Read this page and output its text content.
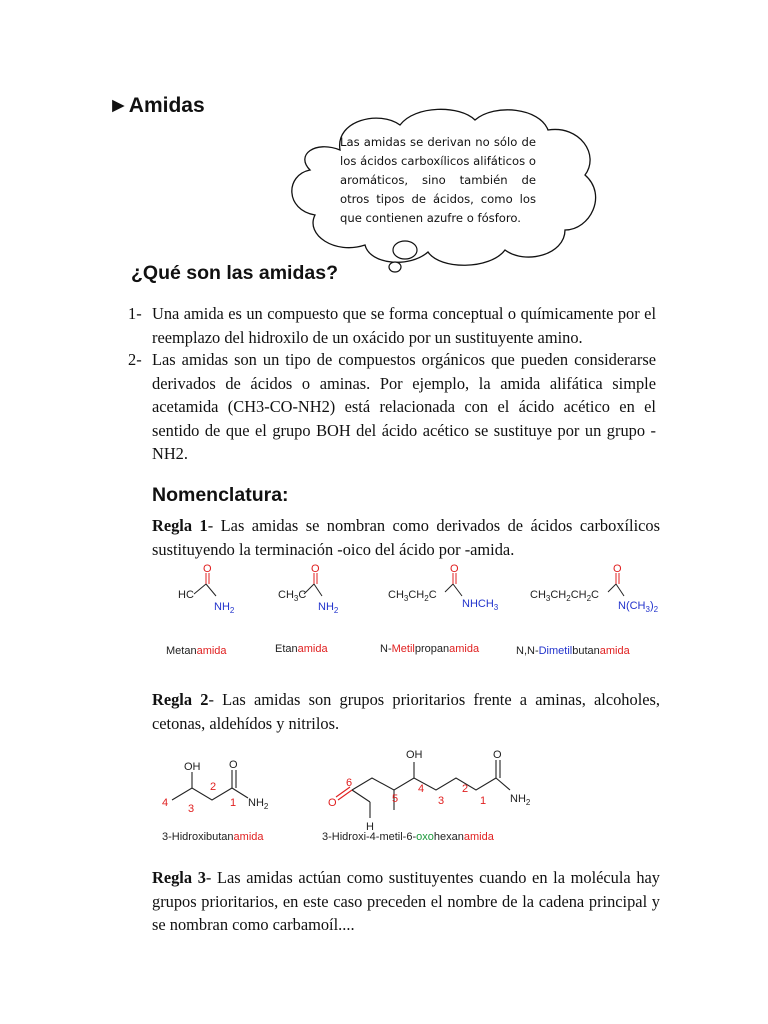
►Amidas
Las amidas se derivan no sólo de los ácidos carboxílicos alifáticos o aromáticos, sino también de otros tipos de ácidos, como los que contienen azufre o fósforo.
¿Qué son las amidas?
1- Una amida es un compuesto que se forma conceptual o químicamente por el reemplazo del hidroxilo de un oxácido por un sustituyente amino.
2- Las amidas son un tipo de compuestos orgánicos que pueden considerarse derivados de ácidos o aminas. Por ejemplo, la amida alifática simple acetamida (CH3-CO-NH2) está relacionada con el ácido acético en el sentido de que el grupo BOH del ácido acético se sustituye por un grupo -NH2.
Nomenclatura:
Regla 1- Las amidas se nombran como derivados de ácidos carboxílicos sustituyendo la terminación -oico del ácido por -amida.
HC
O
$NH_2$
$CH_3C$
O
$NH_2$
$CH_3CH_2C$
O
$NHCH_3$
$CH_3CH_2CH_2C$
O
$N(CH_3)_2$
Metanamida	Etanamida	N-Metilpropanamida	N,N-Dimetilbutanamida
Regla 2- Las amidas son grupos prioritarios frente a aminas, alcoholes, cetonas, aldehídos y nitrilos.
OH	O
$NH_2$
4 3
2
1
3-Hidroxibutanamida
O
H
OH	O
$NH_2$
6
5
4
3
2
1
3-Hidroxi-4-metil-6-oxohexanamida
Regla 3- Las amidas actúan como sustituyentes cuando en la molécula hay grupos prioritarios, en este caso preceden el nombre de la cadena principal y se nombran como carbamoíl....
